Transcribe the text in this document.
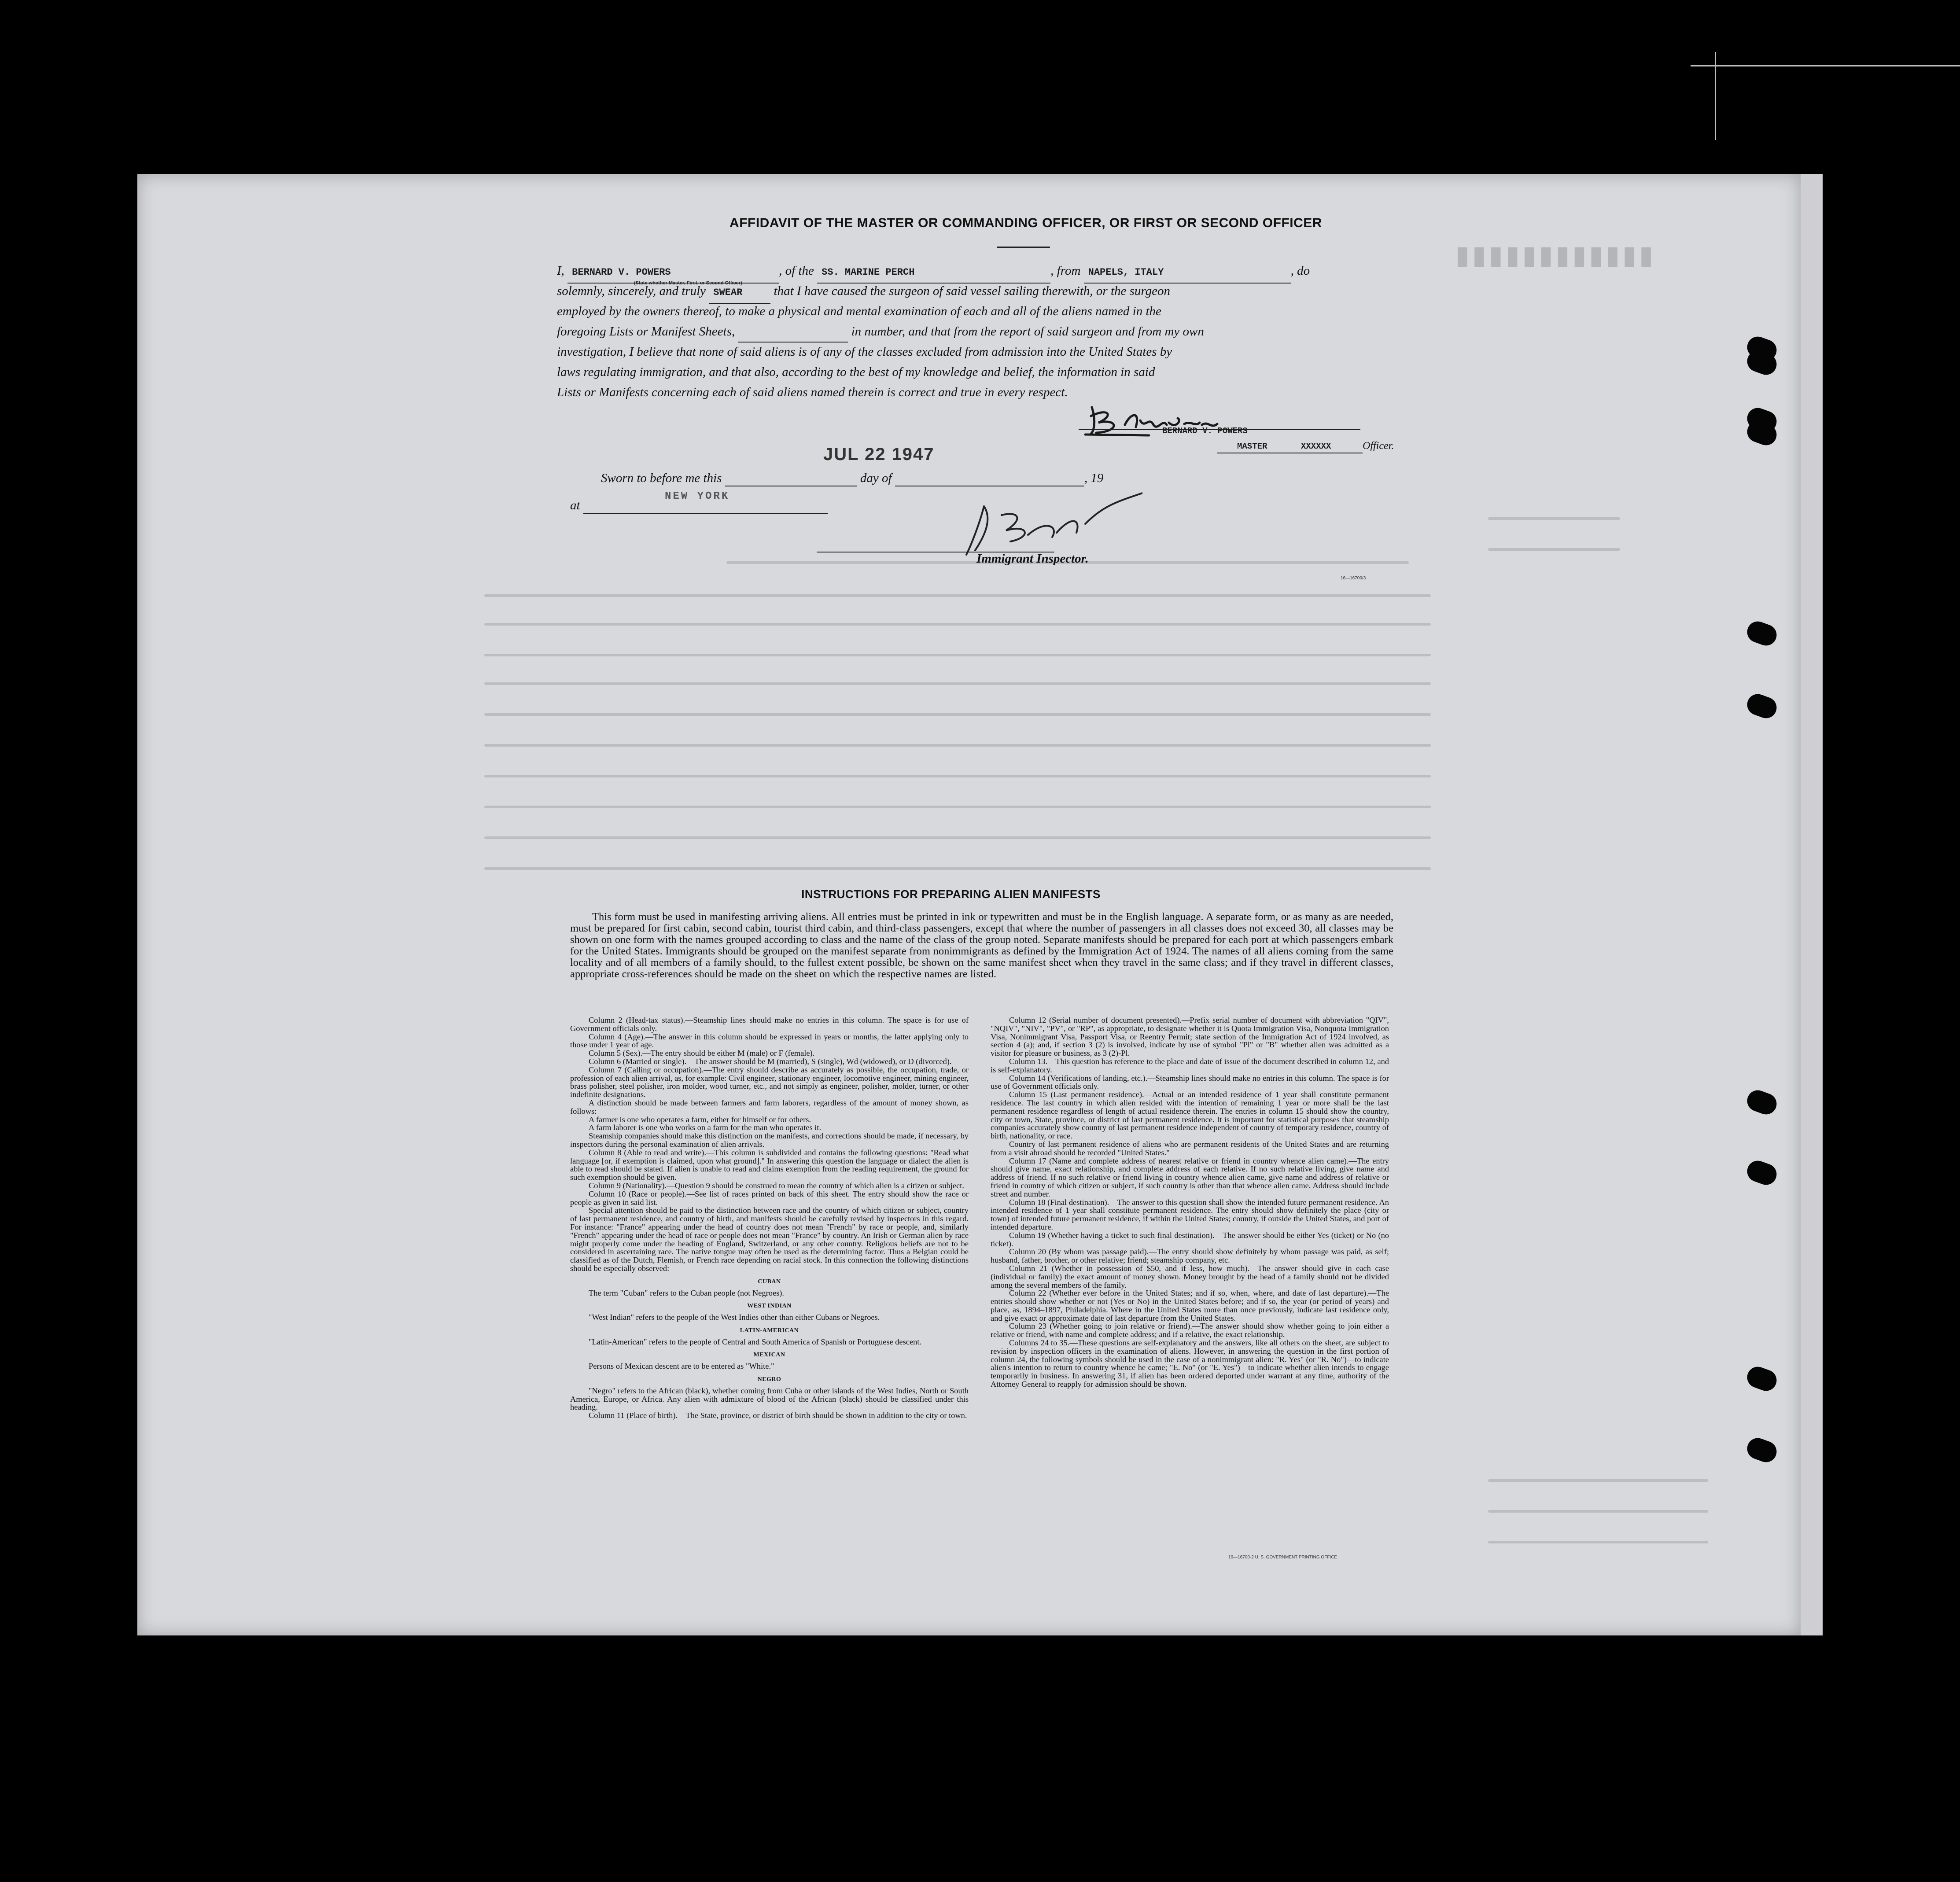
▮▮▮▮▮▮▮▮▮▮▮▮
AFFIDAVIT OF THE MASTER OR COMMANDING OFFICER, OR FIRST OR SECOND OFFICER
I, BERNARD V. POWERS	, of the SS. MARINE PERCH	, from NAPELS, ITALY	, do
(State whether Master, First, or Second Officer)
solemnly, sincerely, and truly SWEAR that I have caused the surgeon of said vessel sailing therewith, or the surgeon
employed by the owners thereof, to make a physical and mental examination of each and all of the aliens named in the
foregoing Lists or Manifest Sheets,	in number, and that from the report of said surgeon and from my own
investigation, I believe that none of said aliens is of any of the classes excluded from admission into the United States by
laws regulating immigration, and that also, according to the best of my knowledge and belief, the information in said
Lists or Manifests concerning each of said aliens named therein is correct and true in every respect.
BERNARD V. POWERS
MASTER	XXXXXX	Officer.
JUL 22 1947
Sworn to before me this	day of	, 19
at
NEW YORK
Immigrant Inspector.
16—16700/3
INSTRUCTIONS FOR PREPARING ALIEN MANIFESTS
This form must be used in manifesting arriving aliens. All entries must be printed in ink or typewritten and must be in the English language. A separate form, or as many as are needed, must be prepared for first cabin, second cabin, tourist third cabin, and third-class passengers, except that where the number of passengers in all classes does not exceed 30, all classes may be shown on one form with the names grouped according to class and the name of the class of the group noted. Separate manifests should be prepared for each port at which passengers embark for the United States. Immigrants should be grouped on the manifest separate from nonimmigrants as defined by the Immigration Act of 1924. The names of all aliens coming from the same locality and of all members of a family should, to the fullest extent possible, be shown on the same manifest sheet when they travel in the same class; and if they travel in different classes, appropriate cross-references should be made on the sheet on which the respective names are listed.

Column 2 (Head-tax status).—Steamship lines should make no entries in this column. The space is for use of Government officials only.

Column 4 (Age).—The answer in this column should be expressed in years or months, the latter applying only to those under 1 year of age.

Column 5 (Sex).—The entry should be either M (male) or F (female).

Column 6 (Married or single).—The answer should be M (married), S (single), Wd (widowed), or D (divorced).

Column 7 (Calling or occupation).—The entry should describe as accurately as possible, the occupation, trade, or profession of each alien arrival, as, for example: Civil engineer, stationary engineer, locomotive engineer, mining engineer, brass polisher, steel polisher, iron molder, wood turner, etc., and not simply as engineer, polisher, molder, turner, or other indefinite designations.

A distinction should be made between farmers and farm laborers, regardless of the amount of money shown, as follows:

A farmer is one who operates a farm, either for himself or for others.

A farm laborer is one who works on a farm for the man who operates it.

Steamship companies should make this distinction on the manifests, and corrections should be made, if necessary, by inspectors during the personal examination of alien arrivals.

Column 8 (Able to read and write).—This column is subdivided and contains the following questions: "Read what language [or, if exemption is claimed, upon what ground]." In answering this question the language or dialect the alien is able to read should be stated. If alien is unable to read and claims exemption from the reading requirement, the ground for such exemption should be given.

Column 9 (Nationality).—Question 9 should be construed to mean the country of which alien is a citizen or subject.

Column 10 (Race or people).—See list of races printed on back of this sheet. The entry should show the race or people as given in said list.

Special attention should be paid to the distinction between race and the country of which citizen or subject, country of last permanent residence, and country of birth, and manifests should be carefully revised by inspectors in this regard. For instance: "France" appearing under the head of country does not mean "French" by race or people, and, similarly "French" appearing under the head of race or people does not mean "France" by country. An Irish or German alien by race might properly come under the heading of England, Switzerland, or any other country. Religious beliefs are not to be considered in ascertaining race. The native tongue may often be used as the determining factor. Thus a Belgian could be classified as of the Dutch, Flemish, or French race depending on racial stock. In this connection the following distinctions should be especially observed:

CUBAN

The term "Cuban" refers to the Cuban people (not Negroes).

WEST INDIAN

"West Indian" refers to the people of the West Indies other than either Cubans or Negroes.

LATIN-AMERICAN

"Latin-American" refers to the people of Central and South America of Spanish or Portuguese descent.

MEXICAN

Persons of Mexican descent are to be entered as "White."

NEGRO

"Negro" refers to the African (black), whether coming from Cuba or other islands of the West Indies, North or South America, Europe, or Africa. Any alien with admixture of blood of the African (black) should be classified under this heading.

Column 11 (Place of birth).—The State, province, or district of birth should be shown in addition to the city or town.

Column 12 (Serial number of document presented).—Prefix serial number of document with abbreviation "QIV", "NQIV", "NIV", "PV", or "RP", as appropriate, to designate whether it is Quota Immigration Visa, Nonquota Immigration Visa, Nonimmigrant Visa, Passport Visa, or Reentry Permit; state section of the Immigration Act of 1924 involved, as section 4 (a); and, if section 3 (2) is involved, indicate by use of symbol "Pl" or "B" whether alien was admitted as a visitor for pleasure or business, as 3 (2)-Pl.

Column 13.—This question has reference to the place and date of issue of the document described in column 12, and is self-explanatory.

Column 14 (Verifications of landing, etc.).—Steamship lines should make no entries in this column. The space is for use of Government officials only.

Column 15 (Last permanent residence).—Actual or an intended residence of 1 year shall constitute permanent residence. The last country in which alien resided with the intention of remaining 1 year or more shall be the last permanent residence regardless of length of actual residence therein. The entries in column 15 should show the country, city or town, State, province, or district of last permanent residence. It is important for statistical purposes that steamship companies accurately show country of last permanent residence independent of country of temporary residence, country of birth, nationality, or race.

Country of last permanent residence of aliens who are permanent residents of the United States and are returning from a visit abroad should be recorded "United States."

Column 17 (Name and complete address of nearest relative or friend in country whence alien came).—The entry should give name, exact relationship, and complete address of each relative. If no such relative living, give name and address of friend. If no such relative or friend living in country whence alien came, give name and address of relative or friend in country of which citizen or subject, if such country is other than that whence alien came. Address should include street and number.

Column 18 (Final destination).—The answer to this question shall show the intended future permanent residence. An intended residence of 1 year shall constitute permanent residence. The entry should show definitely the place (city or town) of intended future permanent residence, if within the United States; country, if outside the United States, and port of intended departure.

Column 19 (Whether having a ticket to such final destination).—The answer should be either Yes (ticket) or No (no ticket).

Column 20 (By whom was passage paid).—The entry should show definitely by whom passage was paid, as self; husband, father, brother, or other relative; friend; steamship company, etc.

Column 21 (Whether in possession of $50, and if less, how much).—The answer should give in each case (individual or family) the exact amount of money shown. Money brought by the head of a family should not be divided among the several members of the family.

Column 22 (Whether ever before in the United States; and if so, when, where, and date of last departure).—The entries should show whether or not (Yes or No) in the United States before; and if so, the year (or period of years) and place, as, 1894–1897, Philadelphia. Where in the United States more than once previously, indicate last residence only, and give exact or approximate date of last departure from the United States.

Column 23 (Whether going to join relative or friend).—The answer should show whether going to join either a relative or friend, with name and complete address; and if a relative, the exact relationship.

Columns 24 to 35.—These questions are self-explanatory and the answers, like all others on the sheet, are subject to revision by inspection officers in the examination of aliens. However, in answering the question in the first portion of column 24, the following symbols should be used in the case of a nonimmigrant alien: "R. Yes" (or "R. No")—to indicate alien's intention to return to country whence he came; "E. No" (or "E. Yes")—to indicate whether alien intends to engage temporarily in business. In answering 31, if alien has been ordered deported under warrant at any time, authority of the Attorney General to reapply for admission should be shown.

16—16700-2 U. S. GOVERNMENT PRINTING OFFICE
